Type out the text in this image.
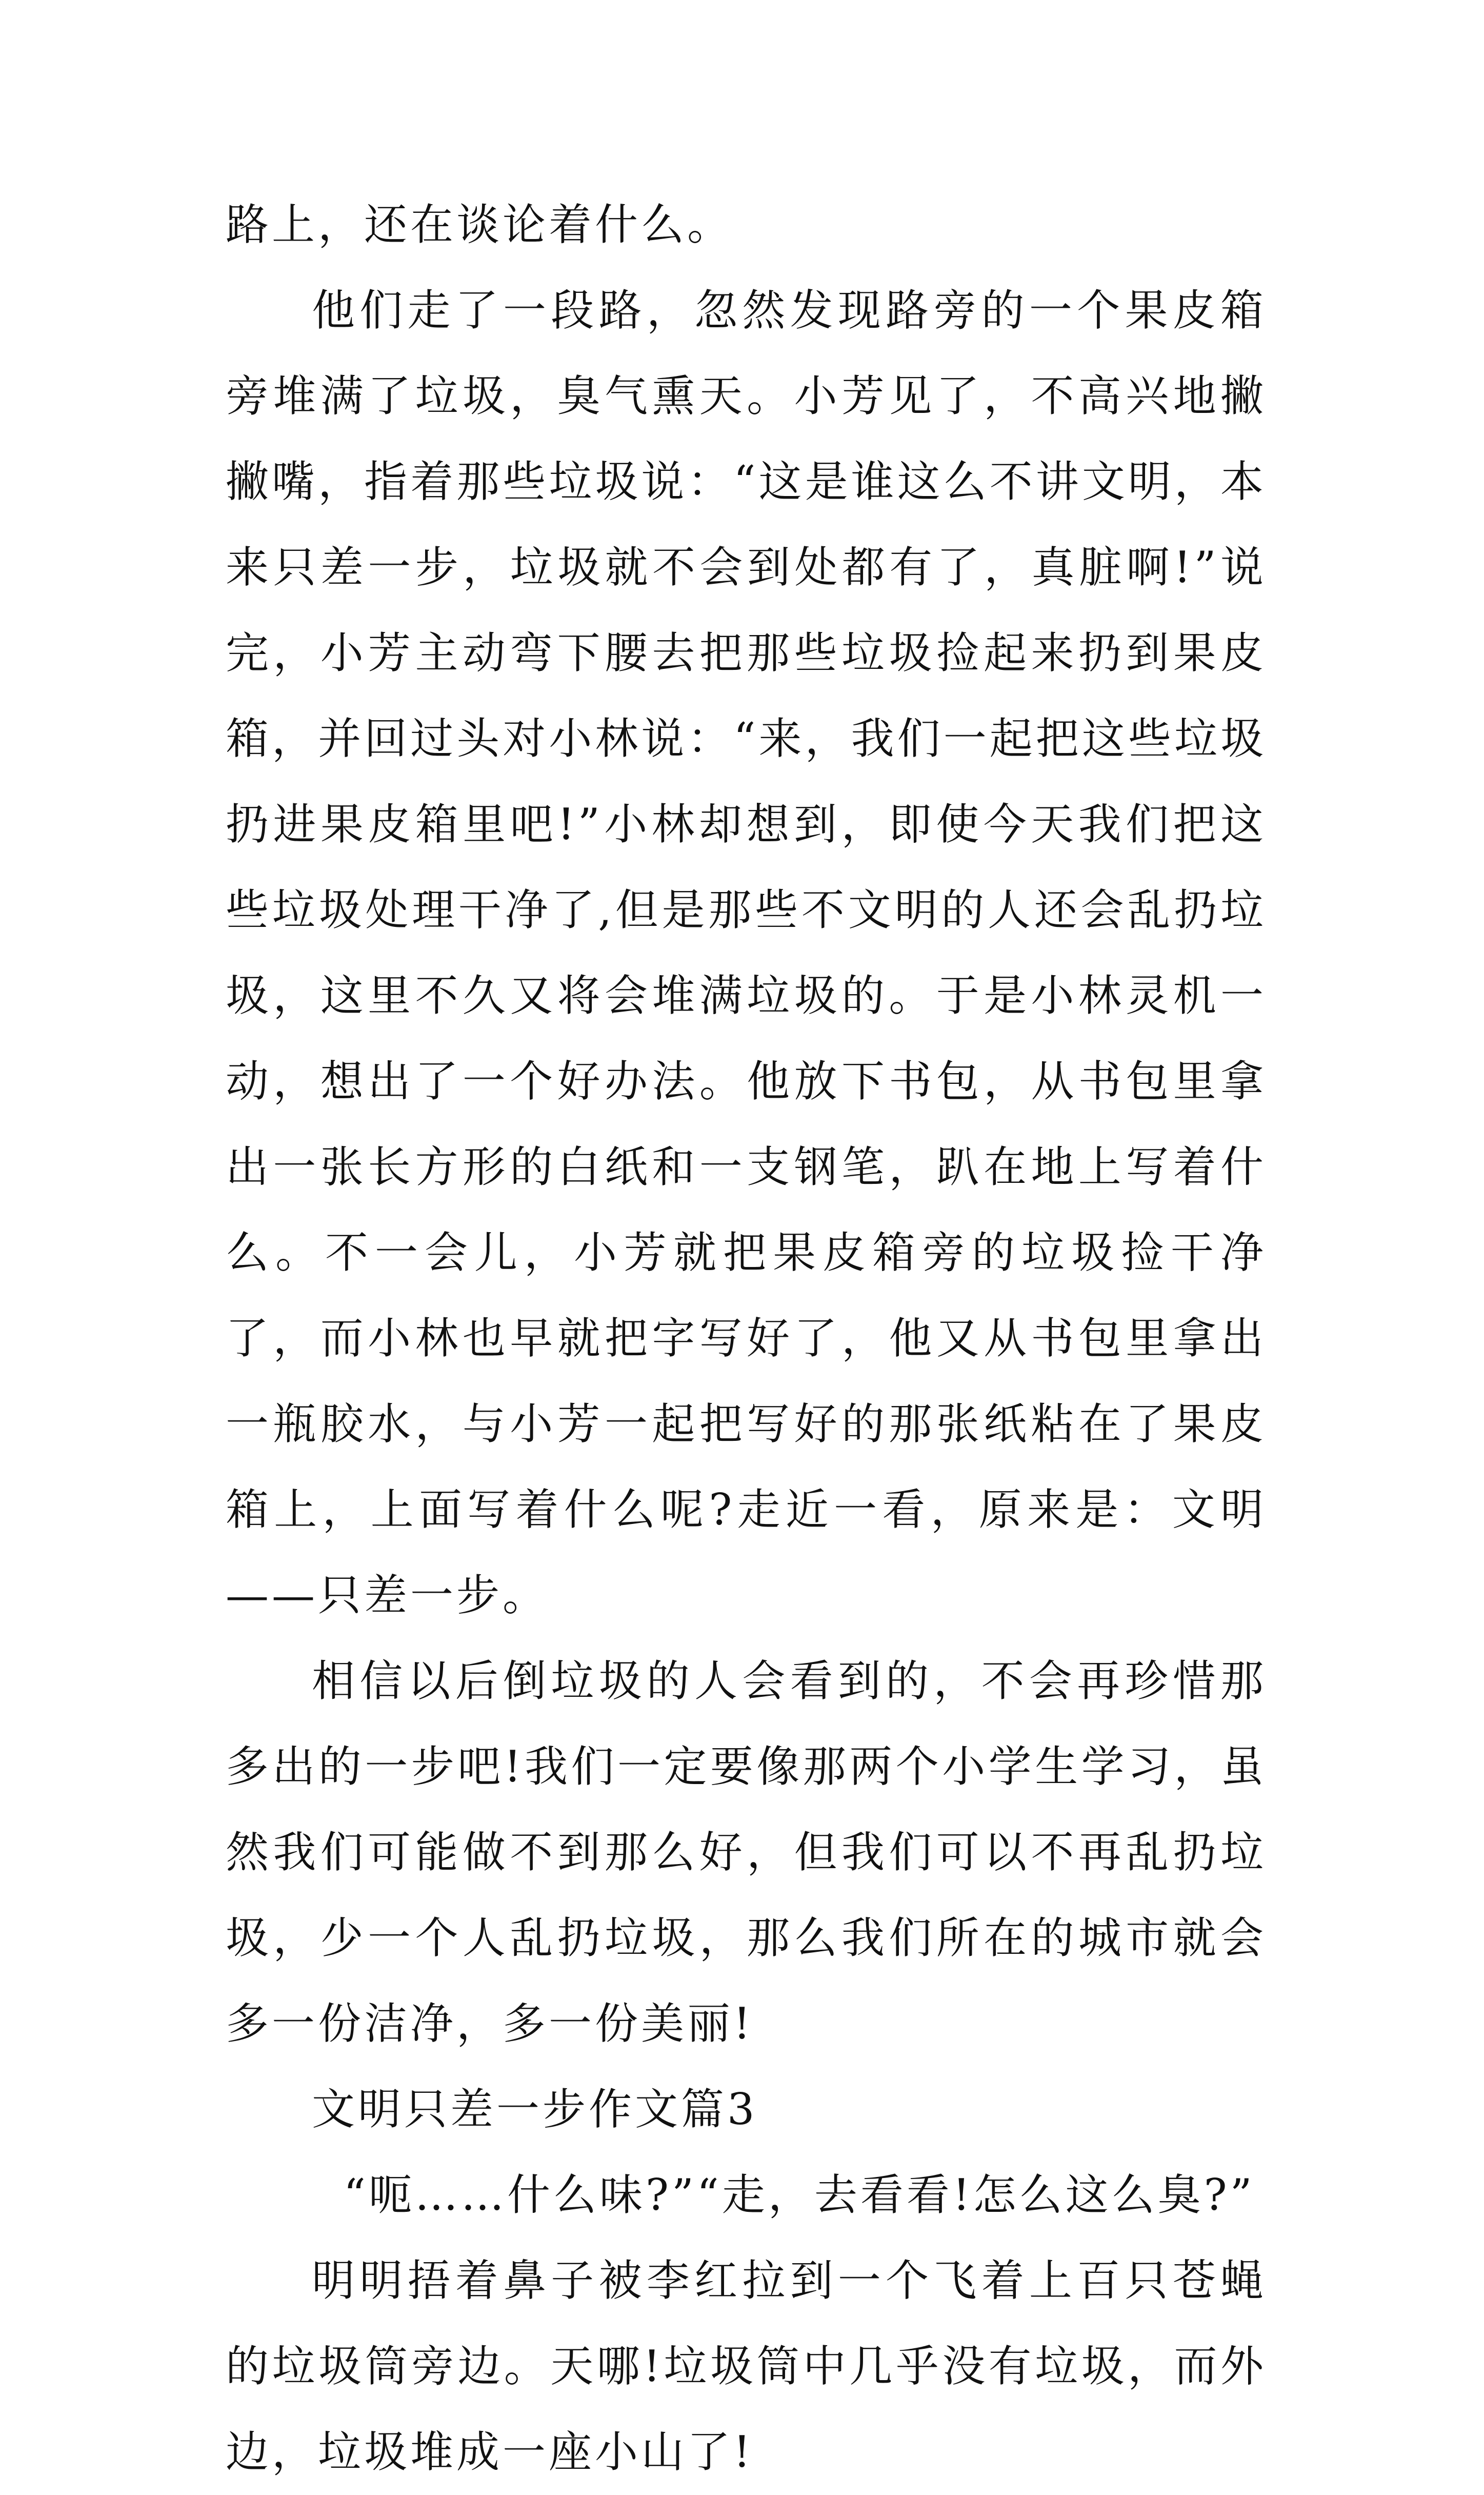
路上，还在谈论着什么。

他们走了一段路，忽然发现路旁的一个果皮箱旁堆满了垃圾，臭气熏天。小芳见了，不高兴地撇撇嘴，指着那些垃圾说：“这是谁这么不讲文明，本来只差一步，垃圾就不会到处都有了，真脏啊!”说完，小芳主动弯下腰去把那些垃圾捡起来扔到果皮箱，并回过头对小林说：“来，我们一起把这些垃圾扔进果皮箱里吧!”小林却想到，即使今天我们把这些垃圾处理干净了,但是那些不文明的人还会乱扔垃圾，这里不久又将会堆满垃圾的。于是小林灵机一动，想出了一个好办法。他放下书包，从书包里拿出一张长方形的白纸和一支钢笔，趴在地上写着什么。不一会儿，小芳就把果皮箱旁的垃圾捡干净了，而小林也早就把字写好了，他又从书包里拿出一瓶胶水，与小芳一起把写好的那张纸粘在了果皮箱上，上面写着什么呢?走近一看，原来是：文明——只差一步。

相信以后倒垃圾的人会看到的，不会再珍惜那多出的一步吧!我们一定要像那两个小学生学习，虽然我们可能做不到那么好，但我们可以不再乱扔垃圾，少一个人乱扔垃圾，那么我们所在的城市就会多一份洁净，多一份美丽!

文明只差一步作文篇3

“呃……什么味?”“走，去看看!怎么这么臭?”

明明捂着鼻子被李红拉到一个飞着上百只苍蝇的垃圾筒旁边。天哪!垃圾筒中几乎没有垃圾，而外边，垃圾堆成一座小山了!
